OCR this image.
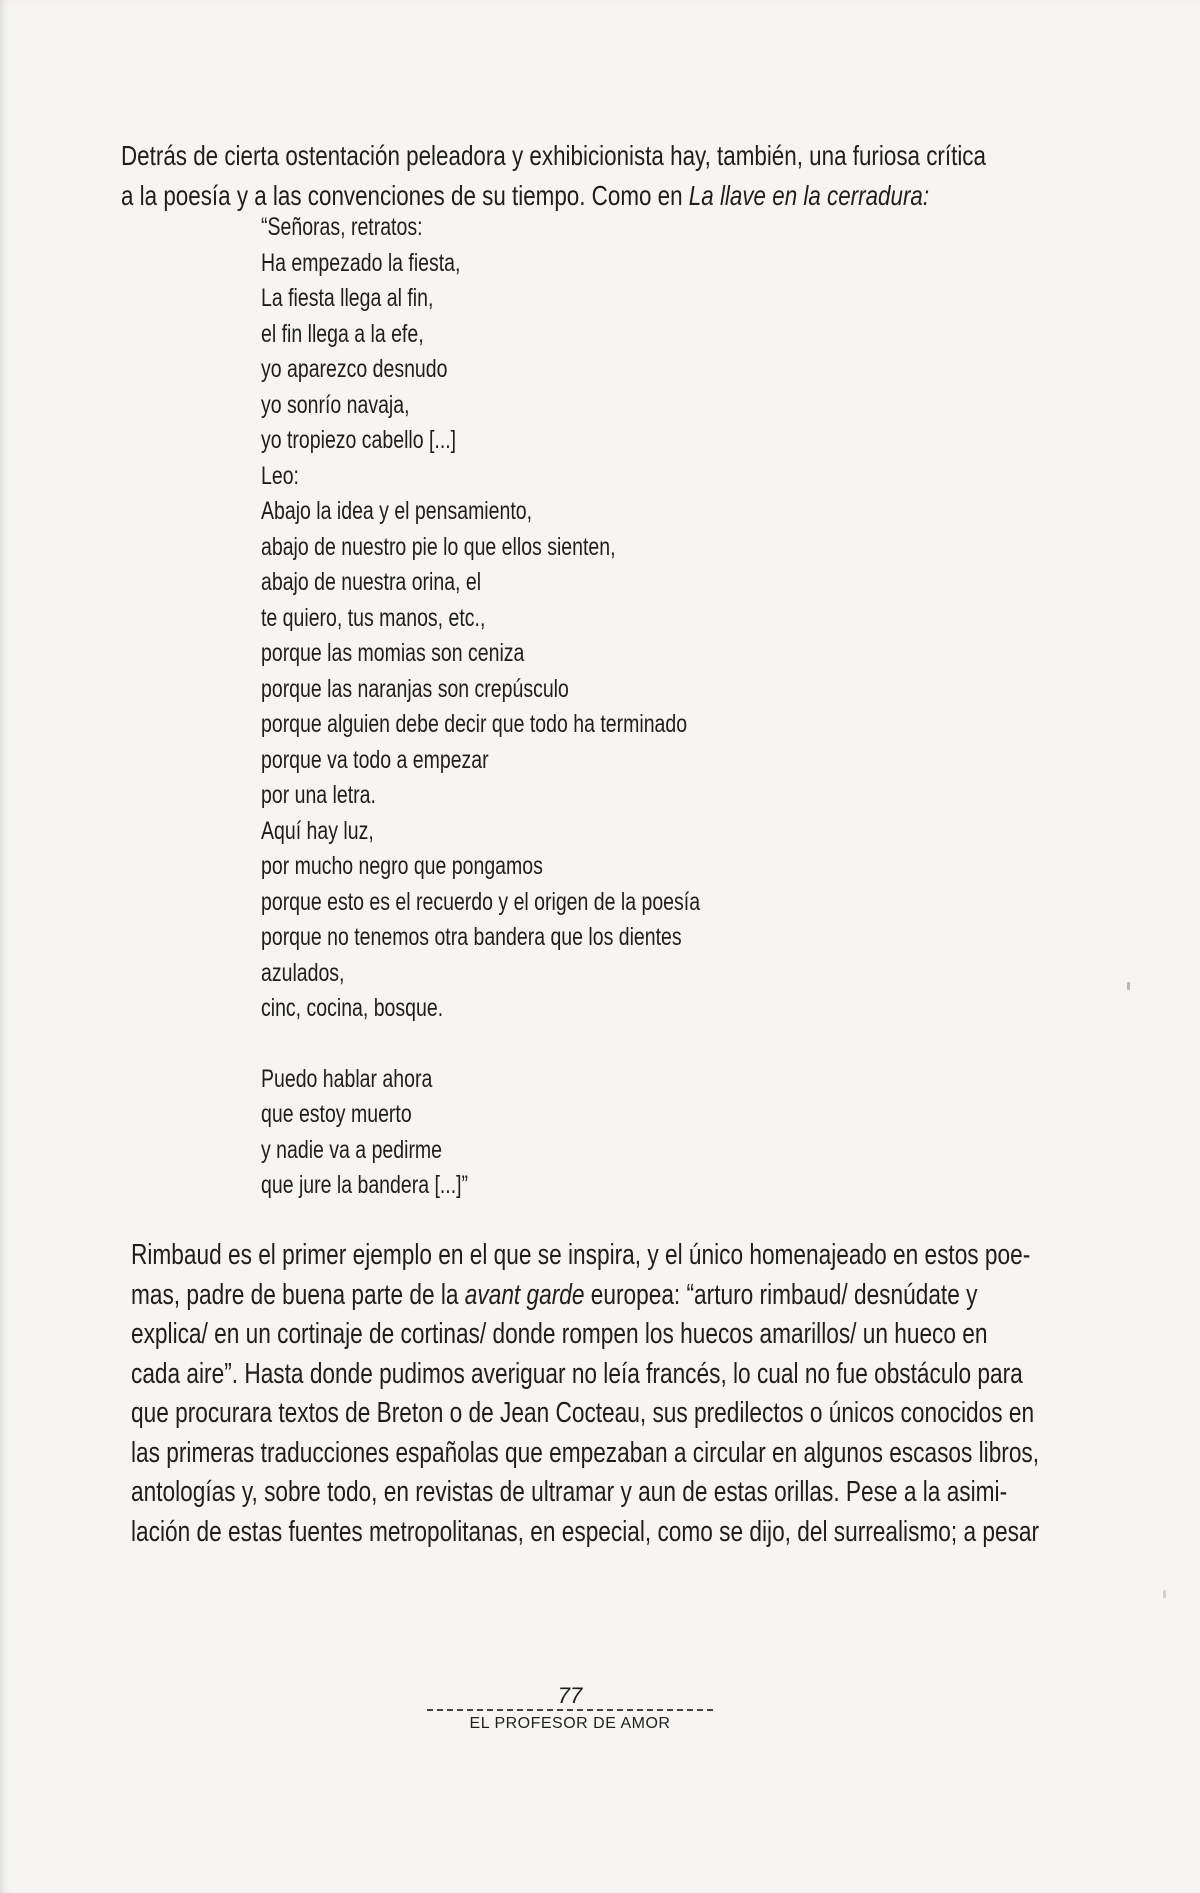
Detrás de cierta ostentación peleadora y exhibicionista hay, también, una furiosa crítica

a la poesía y a las convenciones de su tiempo. Como en La llave en la cerradura:

“Señoras, retratos:
Ha empezado la fiesta,
La fiesta llega al fin,
el fin llega a la efe,
yo aparezco desnudo
yo sonrío navaja,
yo tropiezo cabello [...]
Leo:
Abajo la idea y el pensamiento,
abajo de nuestro pie lo que ellos sienten,
abajo de nuestra orina, el
te quiero, tus manos, etc.,
porque las momias son ceniza
porque las naranjas son crepúsculo
porque alguien debe decir que todo ha terminado
porque va todo a empezar
por una letra.
Aquí hay luz,
por mucho negro que pongamos
porque esto es el recuerdo y el origen de la poesía
porque no tenemos otra bandera que los dientes
azulados,
cinc, cocina, bosque.
Puedo hablar ahora
que estoy muerto
y nadie va a pedirme
que jure la bandera [...]”
Rimbaud es el primer ejemplo en el que se inspira, y el único homenajeado en estos poe-
mas, padre de buena parte de la avant garde europea: “arturo rimbaud/ desnúdate y
explica/ en un cortinaje de cortinas/ donde rompen los huecos amarillos/ un hueco en
cada aire”. Hasta donde pudimos averiguar no leía francés, lo cual no fue obstáculo para
que procurara textos de Breton o de Jean Cocteau, sus predilectos o únicos conocidos en
las primeras traducciones españolas que empezaban a circular en algunos escasos libros,
antologías y, sobre todo, en revistas de ultramar y aun de estas orillas. Pese a la asimi-
lación de estas fuentes metropolitanas, en especial, como se dijo, del surrealismo; a pesar
77
EL PROFESOR DE AMOR
